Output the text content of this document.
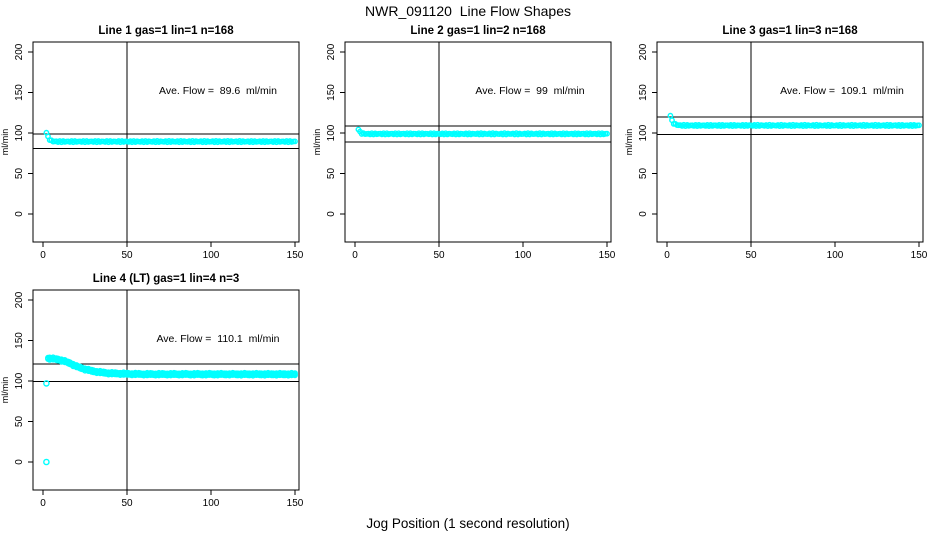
NWR_091120  Line Flow Shapes
Line 1 gas=1 lin=1 n=168
0	50	100	150
0
50
100
150
200
ml/min
Ave. Flow =  89.6  ml/min
Line 2 gas=1 lin=2 n=168
0	50	100	150
0
50
100
150
200
ml/min
Ave. Flow =  99  ml/min
Line 3 gas=1 lin=3 n=168
0	50	100	150
0
50
100
150
200
ml/min
Ave. Flow =  109.1  ml/min
Line 4 (LT) gas=1 lin=4 n=3
0	50	100	150
0
50
100
150
200
ml/min
Ave. Flow =  110.1  ml/min
Jog Position (1 second resolution)
